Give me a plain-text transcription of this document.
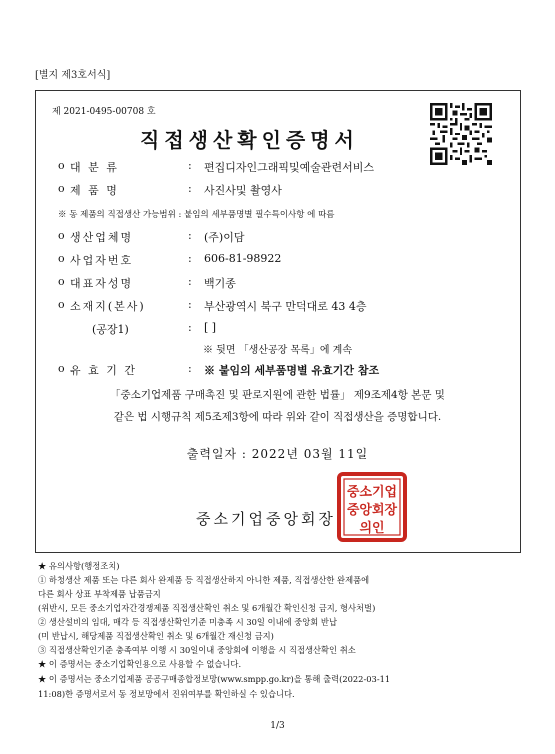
[별지 제3호서식]
제 2021-0495-00708 호
직접생산확인증명서
o 대 분 류	:	편집디자인그래픽및예술관련서비스
o 제 품 명	:	사진사및 촬영사
※ 동 제품의 직접생산 가능범위 : 붙임의 세부품명별 필수특이사항 에 따름
o 생산업체명	:	(주)이담
o 사업자번호	:	606-81-98922
o 대표자성명	:	백기종
o 소재지(본사)	:	부산광역시 북구 만덕대로 43 4층
(공장1)	:	[ ]
※ 뒷면 「생산공장 목록」에 계속
o 유 효 기 간	:	※ 붙임의 세부품명별 유효기간 참조
「중소기업제품 구매촉진 및 판로지원에 관한 법률」 제9조제4항 본문 및
같은 법 시행규칙 제5조제3항에 따라 위와 같이 직접생산을 증명합니다.
출력일자 : 2022년 03월 11일
중소기업중앙회장
중소기업
중앙회장
의인
★ 유의사항(행정조치)
① 하청생산 제품 또는 다른 회사 완제품 등 직접생산하지 아니한 제품, 직접생산한 완제품에
다른 회사 상표 부착제품 납품금지
(위반시, 모든 중소기업자간경쟁제품 직접생산확인 취소 및 6개월간 확인신청 금지, 형사처벌)
② 생산설비의 임대, 매각 등 직접생산확인기준 미충족 시 30일 이내에 중앙회 반납
(미 반납시, 해당제품 직접생산확인 취소 및 6개월간 재신청 금지)
③ 직접생산확인기준 충족여부 이행 시 30일이내 중앙회에 이행을 시 직접생산확인 취소
★ 이 증명서는 중소기업확인용으로 사용할 수 없습니다.
★ 이 증명서는 중소기업제품 공공구매종합정보망(www.smpp.go.kr)을 통해 출력(2022-03-11
11:08)한 증명서로서 동 정보망에서 진위여부를 확인하실 수 있습니다.
1/3
